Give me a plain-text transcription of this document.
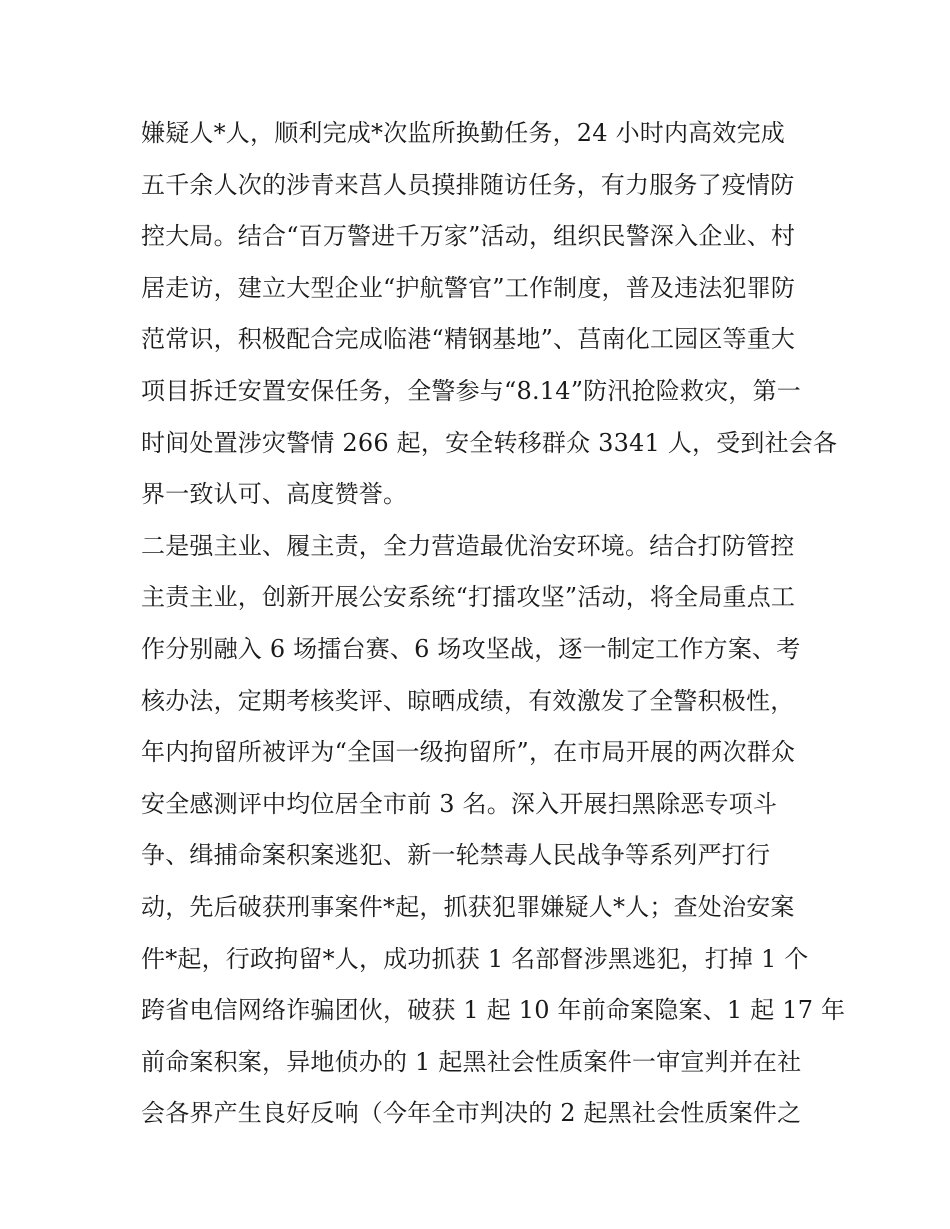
嫌疑人*人，顺利完成*次监所换勤任务，24 小时内高效完成
五千余人次的涉青来莒人员摸排随访任务，有力服务了疫情防
控大局。结合“百万警进千万家”活动，组织民警深入企业、村
居走访，建立大型企业“护航警官”工作制度，普及违法犯罪防
范常识，积极配合完成临港“精钢基地”、莒南化工园区等重大
项目拆迁安置安保任务，全警参与“8.14”防汛抢险救灾，第一
时间处置涉灾警情 266 起，安全转移群众 3341 人，受到社会各
界一致认可、高度赞誉。
二是强主业、履主责，全力营造最优治安环境。结合打防管控
主责主业，创新开展公安系统“打擂攻坚”活动，将全局重点工
作分别融入 6 场擂台赛、6 场攻坚战，逐一制定工作方案、考
核办法，定期考核奖评、晾晒成绩，有效激发了全警积极性，
年内拘留所被评为“全国一级拘留所”，在市局开展的两次群众
安全感测评中均位居全市前 3 名。深入开展扫黑除恶专项斗
争、缉捕命案积案逃犯、新一轮禁毒人民战争等系列严打行
动，先后破获刑事案件*起，抓获犯罪嫌疑人*人；查处治安案
件*起，行政拘留*人，成功抓获 1 名部督涉黑逃犯，打掉 1 个
跨省电信网络诈骗团伙，破获 1 起 10 年前命案隐案、1 起 17 年
前命案积案，异地侦办的 1 起黑社会性质案件一审宣判并在社
会各界产生良好反响（今年全市判决的 2 起黑社会性质案件之
